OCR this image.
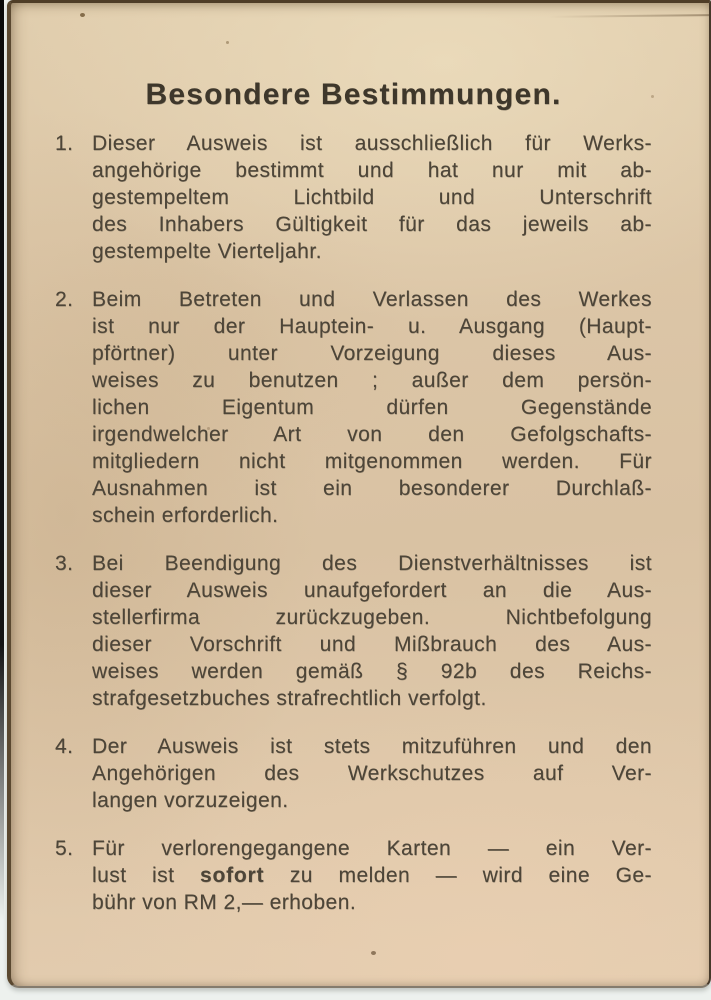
Besondere Bestimmungen.
1. Dieser Ausweis ist ausschließlich für Werks-
angehörige bestimmt und hat nur mit ab-
gestempeltem Lichtbild und Unterschrift
des Inhabers Gültigkeit für das jeweils ab-
gestempelte Vierteljahr.
2. Beim Betreten und Verlassen des Werkes
ist nur der Hauptein- u. Ausgang (Haupt-
pförtner) unter Vorzeigung dieses Aus-
weises zu benutzen ; außer dem persön-
lichen Eigentum dürfen Gegenstände
irgendwelcher Art von den Gefolgschafts-
mitgliedern nicht mitgenommen werden. Für
Ausnahmen ist ein besonderer Durchlaß-
schein erforderlich.
3. Bei Beendigung des Dienstverhältnisses ist
dieser Ausweis unaufgefordert an die Aus-
stellerfirma zurückzugeben. Nichtbefolgung
dieser Vorschrift und Mißbrauch des Aus-
weises werden gemäß § 92b des Reichs-
strafgesetzbuches strafrechtlich verfolgt.
4. Der Ausweis ist stets mitzuführen und den
Angehörigen des Werkschutzes auf Ver-
langen vorzuzeigen.
5. Für verlorengegangene Karten — ein Ver-
lust ist sofort zu melden — wird eine Ge-
bühr von RM 2,— erhoben.
